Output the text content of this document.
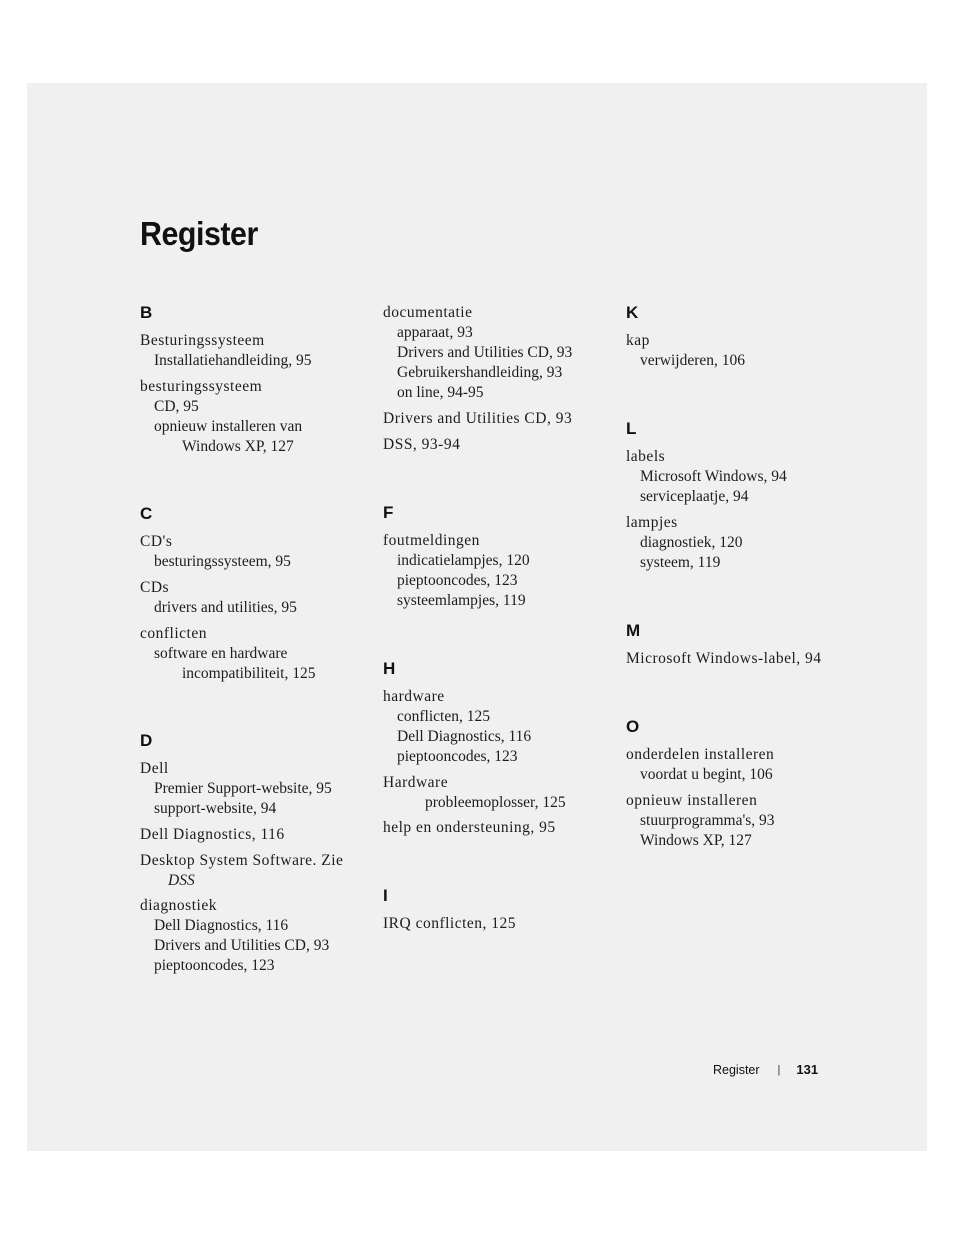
Register
B
Besturingssysteem
Installatiehandleiding, 95
besturingssysteem
CD, 95
opnieuw installeren van
Windows XP, 127
C
CD's
besturingssysteem, 95
CDs
drivers and utilities, 95
conflicten
software en hardware
incompatibiliteit, 125
D
Dell
Premier Support-website, 95
support-website, 94
Dell Diagnostics, 116
Desktop System Software. Zie
DSS
diagnostiek
Dell Diagnostics, 116
Drivers and Utilities CD, 93
pieptooncodes, 123
documentatie
apparaat, 93
Drivers and Utilities CD, 93
Gebruikershandleiding, 93
on line, 94-95
Drivers and Utilities CD, 93
DSS, 93-94
F
foutmeldingen
indicatielampjes, 120
pieptooncodes, 123
systeemlampjes, 119
H
hardware
conflicten, 125
Dell Diagnostics, 116
pieptooncodes, 123
Hardware
probleemoplosser, 125
help en ondersteuning, 95
I
IRQ conflicten, 125
K
kap
verwijderen, 106
L
labels
Microsoft Windows, 94
serviceplaatje, 94
lampjes
diagnostiek, 120
systeem, 119
M
Microsoft Windows-label, 94
O
onderdelen installeren
voordat u begint, 106
opnieuw installeren
stuurprogramma's, 93
Windows XP, 127
Register | 131
